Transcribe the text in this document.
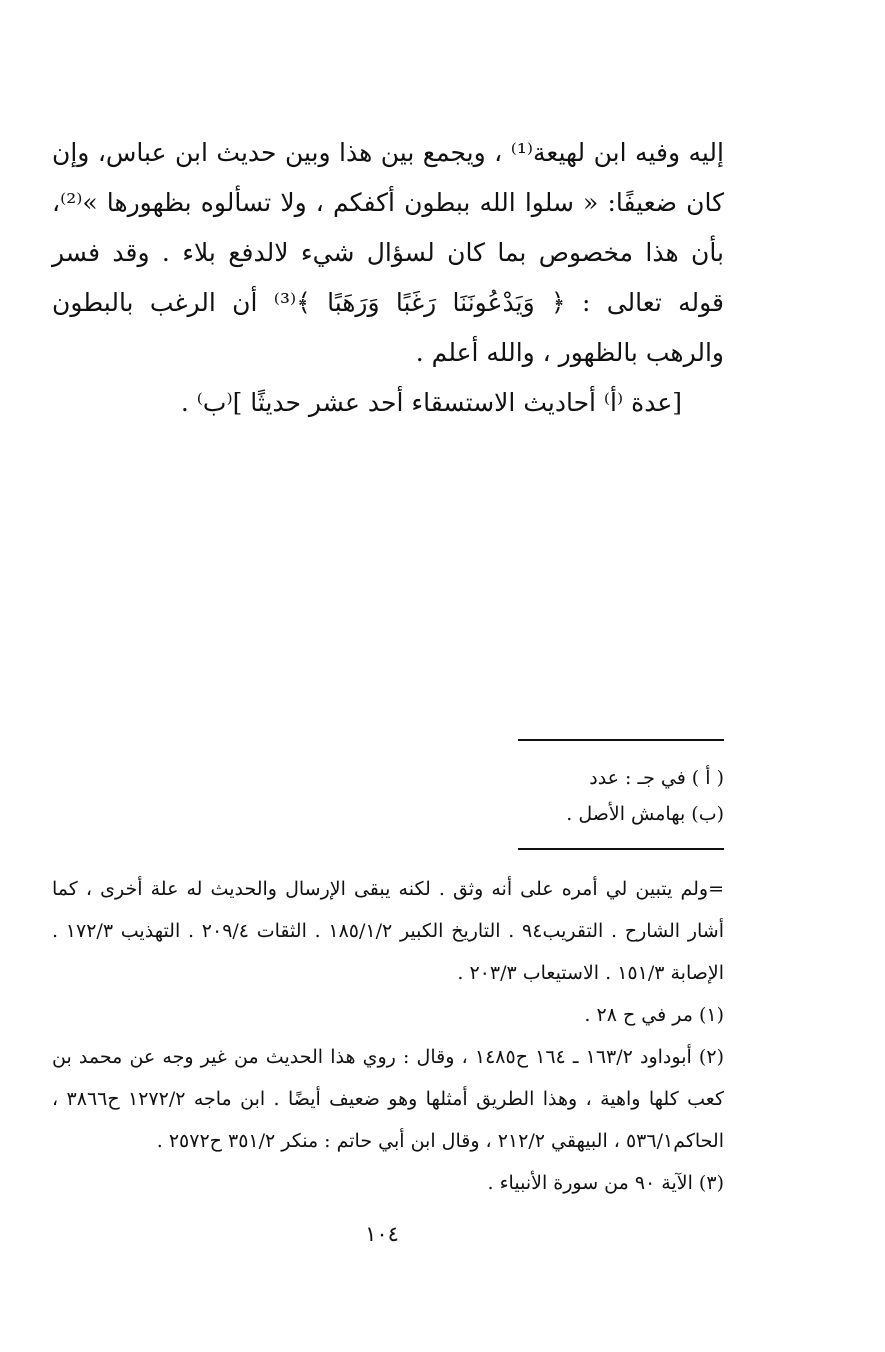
إليه وفيه ابن لهيعة⁽¹⁾ ، ويجمع بين هذا وبين حديث ابن عباس، وإن كان ضعيفًا: « سلوا الله ببطون أكفكم ، ولا تسألوه بظهورها »⁽²⁾، بأن هذا مخصوص بما كان لسؤال شيء لالدفع بلاء . وقد فسر قوله تعالى : ﴿ وَيَدْعُونَنَا رَغَبًا وَرَهَبًا ﴾⁽³⁾ أن الرغب بالبطون والرهب بالظهور ، والله أعلم .

[عدة ⁽أ⁾ أحاديث الاستسقاء أحد عشر حديثًا ]⁽ب⁾ .

( أ ) في جـ : عدد

(ب) بهامش الأصل .

=ولم يتبين لي أمره على أنه وثق . لكنه يبقى الإرسال والحديث له علة أخرى ، كما أشار الشارح . التقريب٩٤ . التاريخ الكبير ١٨٥/١/٢ . الثقات ٢٠٩/٤ . التهذيب ١٧٢/٣ . الإصابة ١٥١/٣ . الاستيعاب ٢٠٣/٣ .

(١) مر في ح ٢٨ .

(٢) أبوداود ١٦٣/٢ ـ ١٦٤ ح١٤٨٥ ، وقال : روي هذا الحديث من غير وجه عن محمد بن كعب كلها واهية ، وهذا الطريق أمثلها وهو ضعيف أيضًا . ابن ماجه ١٢٧٢/٢ ح٣٨٦٦ ، الحاكم٥٣٦/١ ، البيهقي ٢١٢/٢ ، وقال ابن أبي حاتم : منكر ٣٥١/٢ ح٢٥٧٢ .

(٣) الآية ٩٠ من سورة الأنبياء .

١٠٤
